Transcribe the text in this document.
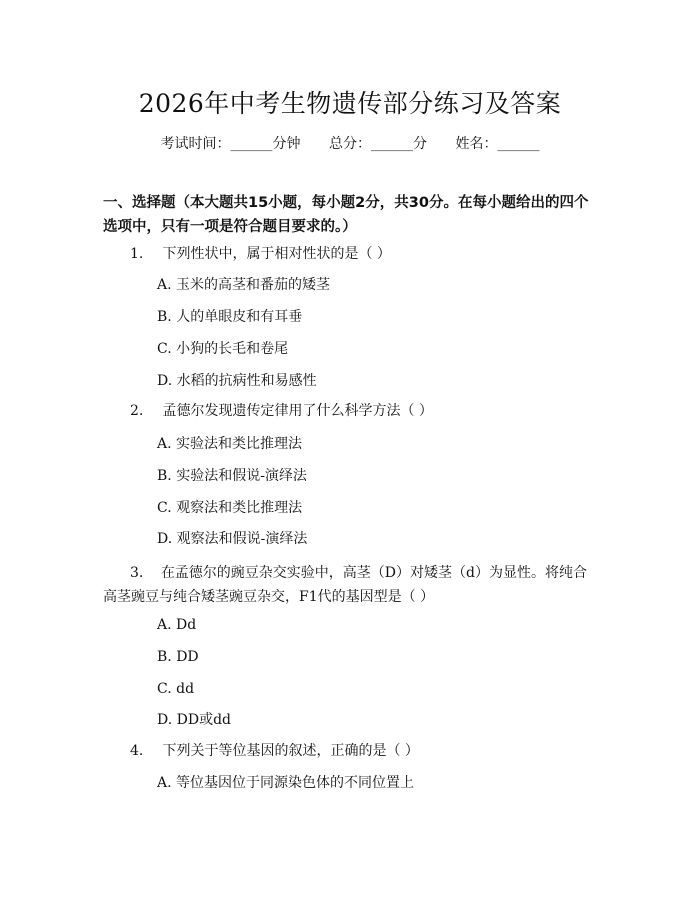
2026年中考生物遗传部分练习及答案
考试时间：______分钟 总分：______分 姓名：______
一、选择题（本大题共15小题，每小题2分，共30分。在每小题给出的四个选项中，只有一项是符合题目要求的。）
1. 下列性状中，属于相对性状的是（ ）
A. 玉米的高茎和番茄的矮茎
B. 人的单眼皮和有耳垂
C. 小狗的长毛和卷尾
D. 水稻的抗病性和易感性
2. 孟德尔发现遗传定律用了什么科学方法（ ）
A. 实验法和类比推理法
B. 实验法和假说-演绎法
C. 观察法和类比推理法
D. 观察法和假说-演绎法
3. 在孟德尔的豌豆杂交实验中，高茎（D）对矮茎（d）为显性。将纯合高茎豌豆与纯合矮茎豌豆杂交，F1代的基因型是（ ）
A. Dd
B. DD
C. dd
D. DD或dd
4. 下列关于等位基因的叙述，正确的是（ ）
A. 等位基因位于同源染色体的不同位置上
